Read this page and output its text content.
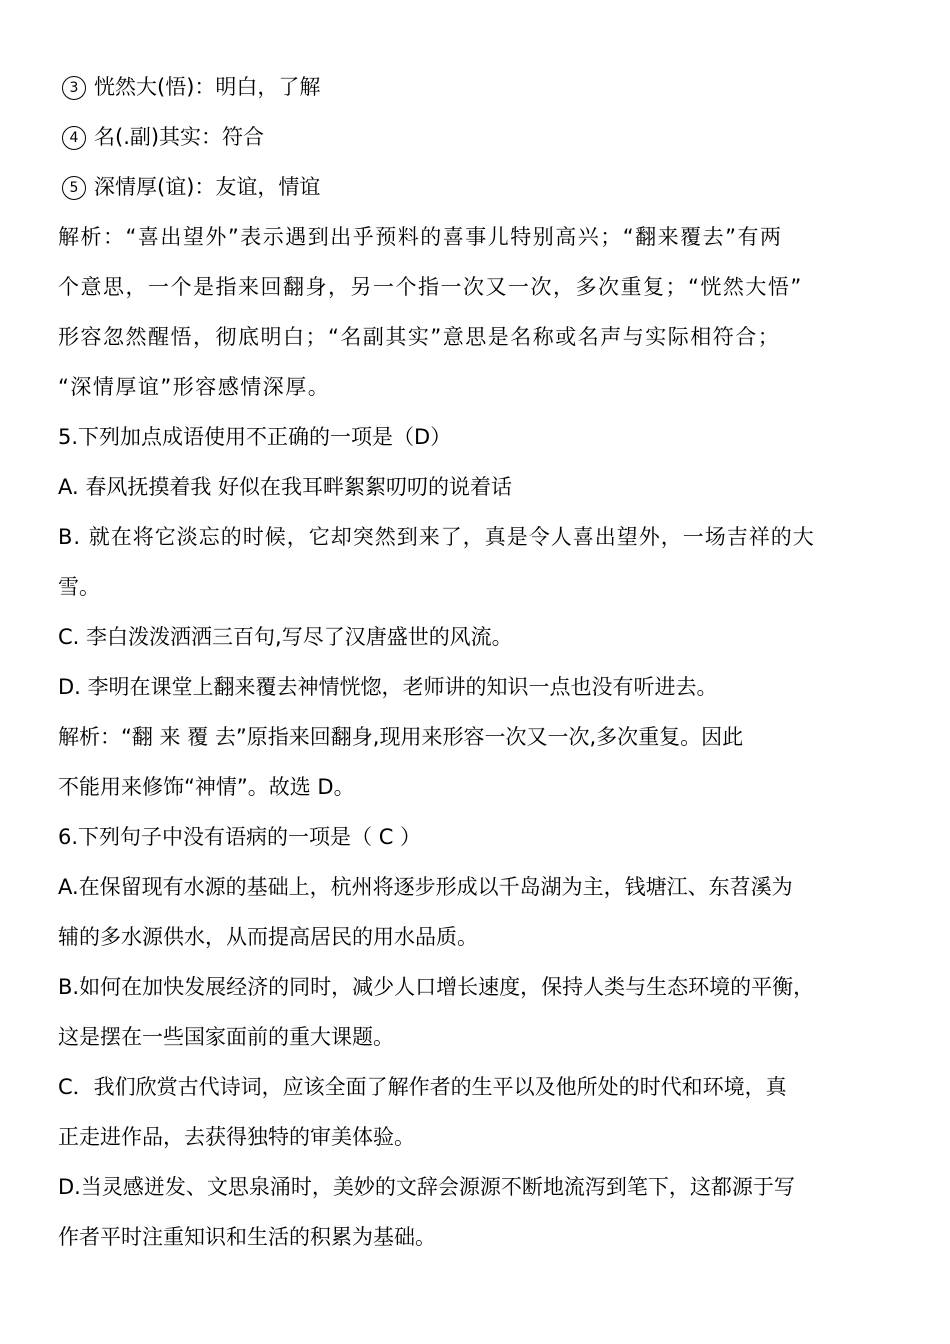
3 恍然大(悟)：明白，了解
4 名(.副)其实：符合
5 深情厚(谊)：友谊，情谊
解析：“喜出望外”表示遇到出乎预料的喜事儿特别高兴；“翻来覆去”有两
个意思，一个是指来回翻身，另一个指一次又一次，多次重复；“恍然大悟”
形容忽然醒悟，彻底明白；“名副其实”意思是名称或名声与实际相符合；
“深情厚谊”形容感情深厚。
5.下列加点成语使用不正确的一项是（D）
A. 春风抚摸着我 好似在我耳畔絮絮叨叨的说着话
B. 就在将它淡忘的时候，它却突然到来了，真是令人喜出望外，一场吉祥的大
雪。
C. 李白泼泼洒洒三百句,写尽了汉唐盛世的风流。
D. 李明在课堂上翻来覆去神情恍惚，老师讲的知识一点也没有听进去。
解析：“翻 来 覆 去”原指来回翻身,现用来形容一次又一次,多次重复。因此
不能用来修饰“神情”。故选 D。
6.下列句子中没有语病的一项是（ C ）
A.在保留现有水源的基础上，杭州将逐步形成以千岛湖为主，钱塘江、东苕溪为
辅的多水源供水，从而提高居民的用水品质。
B.如何在加快发展经济的同时，减少人口增长速度，保持人类与生态环境的平衡，
这是摆在一些国家面前的重大课题。
C．我们欣赏古代诗词，应该全面了解作者的生平以及他所处的时代和环境，真
正走进作品，去获得独特的审美体验。
D.当灵感迸发、文思泉涌时，美妙的文辞会源源不断地流泻到笔下，这都源于写
作者平时注重知识和生活的积累为基础。
